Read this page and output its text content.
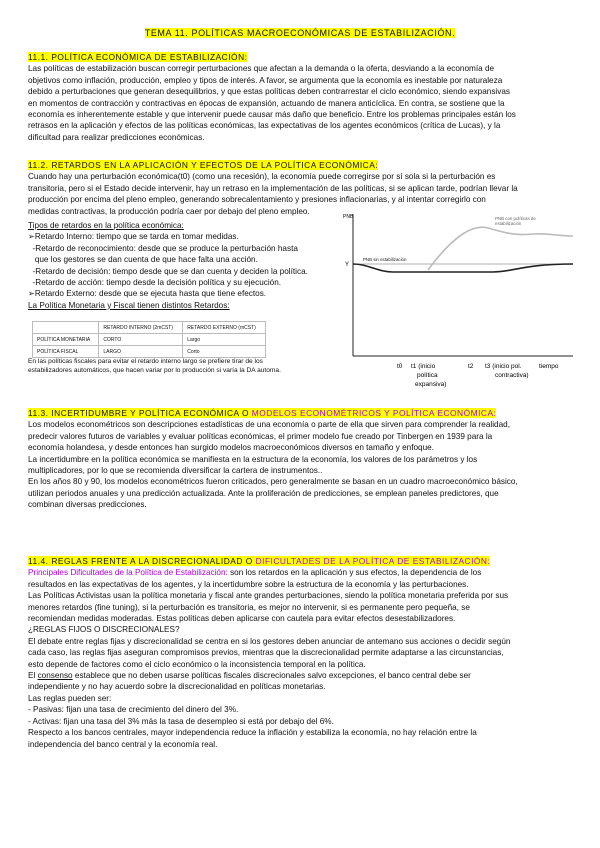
TEMA 11. POLÍTICAS MACROECONÓMICAS DE ESTABILIZACIÓN.
11.1. POLÍTICA ECONÓMICA DE ESTABILIZACIÓN:
Las políticas de estabilización buscan corregir perturbaciones que afectan a la demanda o la oferta, desviando a la economía de
objetivos como inflación, producción, empleo y tipos de interés. A favor, se argumenta que la economía es inestable por naturaleza
debido a perturbaciones que generan desequilibrios, y que estas políticas deben contrarrestar el ciclo económico, siendo expansivas
en momentos de contracción y contractivas en épocas de expansión, actuando de manera anticíclica. En contra, se sostiene que la
economía es inherentemente estable y que intervenir puede causar más daño que beneficio. Entre los problemas principales están los
retrasos en la aplicación y efectos de las políticas económicas, las expectativas de los agentes económicos (crítica de Lucas), y la
dificultad para realizar predicciones económicas.
11.2. RETARDOS EN LA APLICACIÓN Y EFECTOS DE LA POLÍTICA ECONÓMICA:
Cuando hay una perturbación económica(t0) (como una recesión), la economía puede corregirse por sí sola si la perturbación es
transitoria, pero si el Estado decide intervenir, hay un retraso en la implementación de las políticas, si se aplican tarde, podrían llevar la
producción por encima del pleno empleo, generando sobrecalentamiento y presiones inflacionarias, y al intentar corregirlo con
medidas contractivas, la producción podría caer por debajo del pleno empleo.
Tipos de retardos en la política económica:
➢Retardo Interno: tiempo que se tarda en tomar medidas.
-Retardo de reconocimiento: desde que se produce la perturbación hasta
que los gestores se dan cuenta de que hace falta una acción.
-Retardo de decisión: tiempo desde que se dan cuenta y deciden la política.
-Retardo de acción: tiempo desde la decisión política y su ejecución.
➢Retardo Externo: desde que se ejecuta hasta que tiene efectos.
La Política Monetaria y Fiscal tienen distintos Retardos:
	RETARDO INTERNO (2mCST)	RETARDO EXTERNO (mCST)
POLÍTICA MONETARIA	CORTO	Largo
POLÍTICA FISCAL	LARGO	Corto
En las políticas fiscales para evitar el retardo interno largo se prefiere tirar de los
estabilizadores automáticos, que hacen variar por lo producción si varía la DA automa.
PNB
Y
PNB con políticas de
estabilización
PNB sin estabilización
t0 t1 (inicio
política
expansiva)
t2 t3 (inicio pol.
contractiva)
tiempo
11.3. INCERTIDUMBRE Y POLÍTICA ECONÓMICA O MODELOS ECONOMÉTRICOS Y POLÍTICA ECONÓMICA:
Los modelos econométricos son descripciones estadísticas de una economía o parte de ella que sirven para comprender la realidad,
predecir valores futuros de variables y evaluar políticas económicas, el primer modelo fue creado por Tinbergen en 1939 para la
economía holandesa, y desde entonces han surgido modelos macroeconómicos diversos en tamaño y enfoque.
La incertidumbre en la política económica se manifiesta en la estructura de la economía, los valores de los parámetros y los
multiplicadores, por lo que se recomienda diversificar la cartera de instrumentos..
En los años 80 y 90, los modelos econométricos fueron criticados, pero generalmente se basan en un cuadro macroeconómico básico,
utilizan periodos anuales y una predicción actualizada. Ante la proliferación de predicciones, se emplean paneles predictores, que
combinan diversas predicciones.
11.4. REGLAS FRENTE A LA DISCRECIONALIDAD O DIFICULTADES DE LA POLÍTICA DE ESTABILIZACIÓN:
Principales Dificultades de la Política de Estabilización: son los retardos en la aplicación y sus efectos, la dependencia de los
resultados en las expectativas de los agentes, y la incertidumbre sobre la estructura de la economía y las perturbaciones.
Las Políticas Activistas usan la política monetaria y fiscal ante grandes perturbaciones, siendo la política monetaria preferida por sus
menores retardos (fine tuning), si la perturbación es transitoria, es mejor no intervenir, si es permanente pero pequeña, se
recomiendan medidas moderadas. Estas políticas deben aplicarse con cautela para evitar efectos desestabilizadores.
¿REGLAS FIJOS O DISCRECIONALES?
El debate entre reglas fijas y discrecionalidad se centra en si los gestores deben anunciar de antemano sus acciones o decidir según
cada caso, las reglas fijas aseguran compromisos previos, mientras que la discrecionalidad permite adaptarse a las circunstancias,
esto depende de factores como el ciclo económico o la inconsistencia temporal en la política.
El consenso establece que no deben usarse políticas fiscales discrecionales salvo excepciones, el banco central debe ser
independiente y no hay acuerdo sobre la discrecionalidad en políticas monetarias.
Las reglas pueden ser:
- Pasivas: fijan una tasa de crecimiento del dinero del 3%.
- Activas: fijan una tasa del 3% más la tasa de desempleo si está por debajo del 6%.
Respecto a los bancos centrales, mayor independencia reduce la inflación y estabiliza la economía, no hay relación entre la
independencia del banco central y la economía real.
